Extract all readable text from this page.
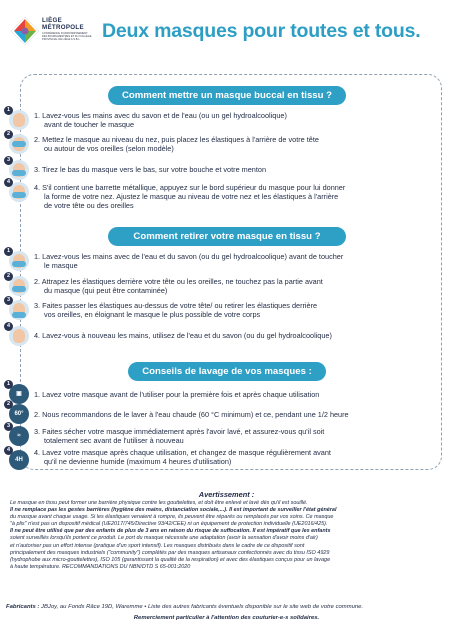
LIÈGE
MÉTROPOLE
CONFÉRENCE D'ARRONDISSEMENT
DES BOURGMESTRES ET DU COLLÈGE
PROVINCIAL DE LIÈGE A.S.B.L. Deux masques pour toutes et tous.
Comment mettre un masque buccal en tissu ?
Comment retirer votre masque en tissu ?
Conseils de lavage de vos masques :
1
1. Lavez-vous les mains avec du savon et de l'eau (ou un gel hydroalcoolique)
avant de toucher le masque
2
2. Mettez le masque au niveau du nez, puis placez les élastiques à l'arrière de votre tête
ou autour de vos oreilles (selon modèle)
3
3. Tirez le bas du masque vers le bas, sur votre bouche et votre menton
4
4. S'il contient une barrette métallique, appuyez sur le bord supérieur du masque pour lui donner
la forme de votre nez. Ajustez le masque au niveau de votre nez et les élastiques à l'arrière
de votre tête ou des oreilles
1
1. Lavez-vous les mains avec de l'eau et du savon (ou du gel hydroalcoolique) avant de toucher
le masque
2
2. Attrapez les élastiques derrière votre tête ou les oreilles, ne touchez pas la partie avant
du masque (qui peut être contaminée)
3
3. Faites passer les élastiques au-dessus de votre tête/ ou retirer les élastiques derrière
vos oreilles, en éloignant le masque le plus possible de votre corps
4
4. Lavez-vous à nouveau les mains, utilisez de l'eau et du savon (ou du gel hydroalcoolique)
▣
1
1. Lavez votre masque avant de l'utiliser pour la première fois et après chaque utilisation
60°
2
2. Nous recommandons de le laver à l'eau chaude (60 °C minimum) et ce, pendant une 1/2 heure
≈
3
3. Faites sécher votre masque immédiatement après l'avoir lavé, et assurez-vous qu'il soit
totalement sec avant de l'utiliser à nouveau
4H
4	4. Lavez votre masque après chaque utilisation, et changez de masque régulièrement avant
qu'il ne devienne humide (maximum 4 heures d'utilisation)
Avertissement :
Le masque en tissu peut former une barrière physique contre les gouttelettes, et doit être enlevé et lavé dès qu'il est souillé.
Il ne remplace pas les gestes barrières (hygiène des mains, distanciation sociale,...). Il est important de surveiller l'état général
du masque avant chaque usage. Si les élastiques venaient à rompre, ils peuvent être réparés ou remplacés par vos soins. Ce masque
"à plis" n'est pas un dispositif médical (UE2017/745/Directive 93/42/CEE) ni un équipement de protection individuelle (UE2016/425).
Il ne peut être utilisé que par des enfants de plus de 3 ans en raison du risque de suffocation. Il est impératif que les enfants
soient surveillés lorsqu'ils portent ce produit. Le port du masque nécessite une adaptation (avoir la sensation d'avoir moins d'air)
et n'autoriser pas un effort intense (pratique d'un sport intensif). Les masques distribués dans le cadre de ce dispositif sont
principalement des masques industriels ("community") complétés par des masques artisanaux confectionnés avec du tissu ISO 4929
(hydrophobe aux micro-gouttelettes), ISO 105 (garantissant la qualité de la respiration) et avec des élastiques conçus pour un lavage
à haute température. RECOMMANDATIONS DU NBN/DTD S 65-001:2020
Fabricants : JBJoy, au Fonds Râce 19D, Waremme • Liste des autres fabricants éventuels disponible sur le site web de votre commune.
Remerciement particulier à l'attention des couturier-e-s solidaires.
